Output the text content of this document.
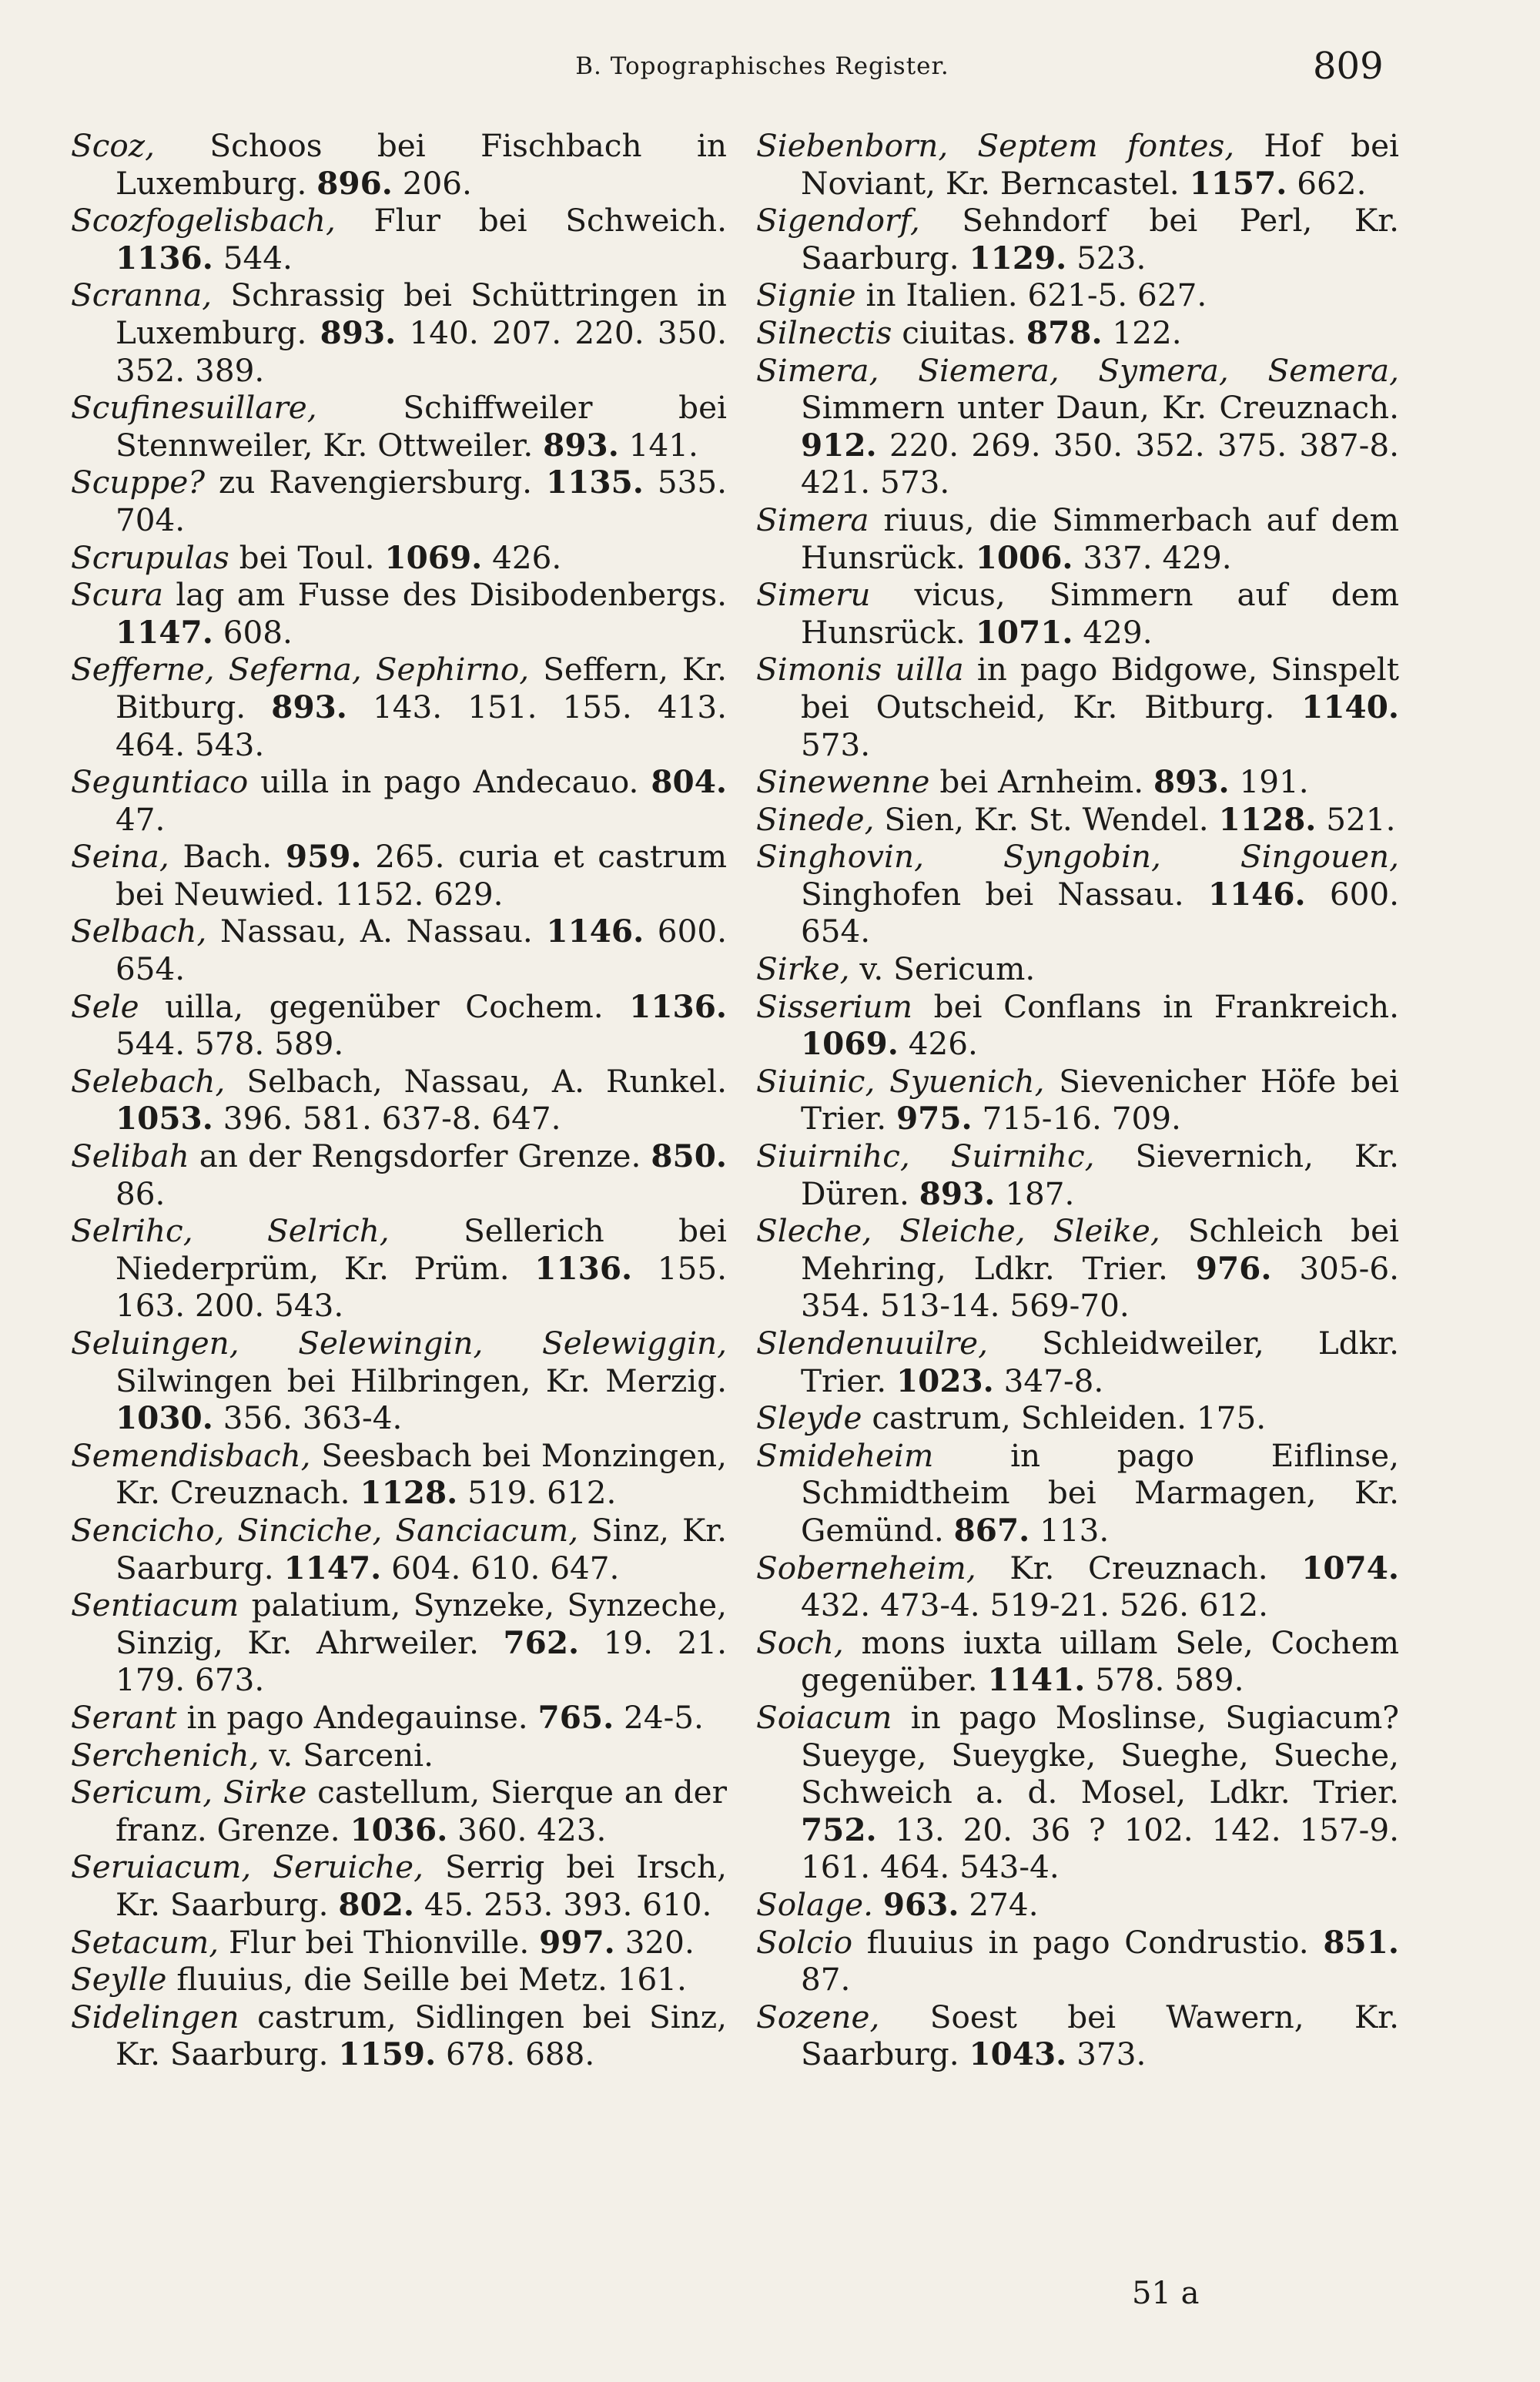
B. Topographisches Register.	809

Scoz, Schoos bei Fischbach in Luxemburg. 896. 206.

Scozfogelisbach, Flur bei Schweich. 1136. 544.

Scranna, Schrassig bei Schüttringen in Luxemburg. 893. 140. 207. 220. 350. 352. 389.

Scufinesuillare, Schiffweiler bei Stennweiler, Kr. Ottweiler. 893. 141.

Scuppe? zu Ravengiersburg. 1135. 535. 704.

Scrupulas bei Toul. 1069. 426.

Scura lag am Fusse des Disibodenbergs. 1147. 608.

Sefferne, Seferna, Sephirno, Seffern, Kr. Bitburg. 893. 143. 151. 155. 413. 464. 543.

Seguntiaco uilla in pago Andecauo. 804. 47.

Seina, Bach. 959. 265. curia et castrum bei Neuwied. 1152. 629.

Selbach, Nassau, A. Nassau. 1146. 600. 654.

Sele uilla, gegenüber Cochem. 1136. 544. 578. 589.

Selebach, Selbach, Nassau, A. Runkel. 1053. 396. 581. 637-8. 647.

Selibah an der Rengsdorfer Grenze. 850. 86.

Selrihc, Selrich, Sellerich bei Niederprüm, Kr. Prüm. 1136. 155. 163. 200. 543.

Seluingen, Selewingin, Selewiggin, Silwingen bei Hilbringen, Kr. Merzig. 1030. 356. 363-4.

Semendisbach, Seesbach bei Monzingen, Kr. Creuznach. 1128. 519. 612.

Sencicho, Sinciche, Sanciacum, Sinz, Kr. Saarburg. 1147. 604. 610. 647.

Sentiacum palatium, Synzeke, Synzeche, Sinzig, Kr. Ahrweiler. 762. 19. 21. 179. 673.

Serant in pago Andegauinse. 765. 24-5.

Serchenich, v. Sarceni.

Sericum, Sirke castellum, Sierque an der franz. Grenze. 1036. 360. 423.

Seruiacum, Seruiche, Serrig bei Irsch, Kr. Saarburg. 802. 45. 253. 393. 610.

Setacum, Flur bei Thionville. 997. 320.

Seylle fluuius, die Seille bei Metz. 161.

Sidelingen castrum, Sidlingen bei Sinz, Kr. Saarburg. 1159. 678. 688.

Siebenborn, Septem fontes, Hof bei Noviant, Kr. Berncastel. 1157. 662.

Sigendorf, Sehndorf bei Perl, Kr. Saarburg. 1129. 523.

Signie in Italien. 621-5. 627.

Silnectis ciuitas. 878. 122.

Simera, Siemera, Symera, Semera, Simmern unter Daun, Kr. Creuznach. 912. 220. 269. 350. 352. 375. 387-8. 421. 573.

Simera riuus, die Simmerbach auf dem Hunsrück. 1006. 337. 429.

Simeru vicus, Simmern auf dem Hunsrück. 1071. 429.

Simonis uilla in pago Bidgowe, Sinspelt bei Outscheid, Kr. Bitburg. 1140. 573.

Sinewenne bei Arnheim. 893. 191.

Sinede, Sien, Kr. St. Wendel. 1128. 521.

Singhovin, Syngobin, Singouen, Singhofen bei Nassau. 1146. 600. 654.

Sirke, v. Sericum.

Sisserium bei Conflans in Frankreich. 1069. 426.

Siuinic, Syuenich, Sievenicher Höfe bei Trier. 975. 715-16. 709.

Siuirnihc, Suirnihc, Sievernich, Kr. Düren. 893. 187.

Sleche, Sleiche, Sleike, Schleich bei Mehring, Ldkr. Trier. 976. 305-6. 354. 513-14. 569-70.

Slendenuuilre, Schleidweiler, Ldkr. Trier. 1023. 347-8.

Sleyde castrum, Schleiden. 175.

Smideheim in pago Eiflinse, Schmidtheim bei Marmagen, Kr. Gemünd. 867. 113.

Soberneheim, Kr. Creuznach. 1074. 432. 473-4. 519-21. 526. 612.

Soch, mons iuxta uillam Sele, Cochem gegenüber. 1141. 578. 589.

Soiacum in pago Moslinse, Sugiacum? Sueyge, Sueygke, Sueghe, Sueche, Schweich a. d. Mosel, Ldkr. Trier. 752. 13. 20. 36 ? 102. 142. 157-9. 161. 464. 543-4.

Solage. 963. 274.

Solcio fluuius in pago Condrustio. 851. 87.

Sozene, Soest bei Wawern, Kr. Saarburg. 1043. 373.

51 a
